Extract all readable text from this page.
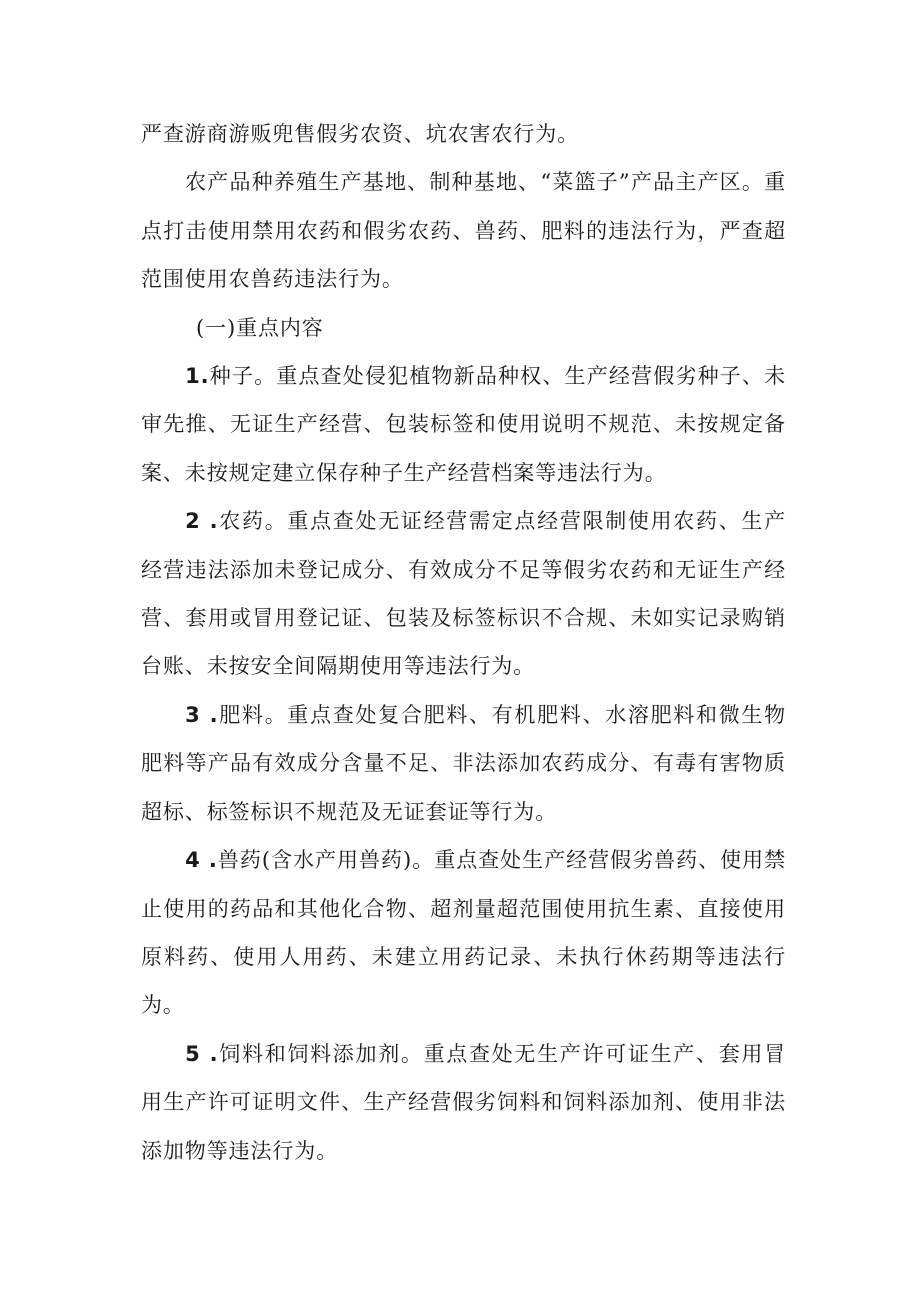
严查游商游贩兜售假劣农资、坑农害农行为。

农产品种养殖生产基地、制种基地、“菜篮子”产品主产区。重点打击使用禁用农药和假劣农药、兽药、肥料的违法行为，严查超范围使用农兽药违法行为。

(一)重点内容

1.种子。重点查处侵犯植物新品种权、生产经营假劣种子、未审先推、无证生产经营、包装标签和使用说明不规范、未按规定备案、未按规定建立保存种子生产经营档案等违法行为。

2 .农药。重点查处无证经营需定点经营限制使用农药、生产经营违法添加未登记成分、有效成分不足等假劣农药和无证生产经营、套用或冒用登记证、包装及标签标识不合规、未如实记录购销台账、未按安全间隔期使用等违法行为。

3 .肥料。重点查处复合肥料、有机肥料、水溶肥料和微生物肥料等产品有效成分含量不足、非法添加农药成分、有毒有害物质超标、标签标识不规范及无证套证等行为。

4 .兽药(含水产用兽药)。重点查处生产经营假劣兽药、使用禁止使用的药品和其他化合物、超剂量超范围使用抗生素、直接使用原料药、使用人用药、未建立用药记录、未执行休药期等违法行为。

5 .饲料和饲料添加剂。重点查处无生产许可证生产、套用冒用生产许可证明文件、生产经营假劣饲料和饲料添加剂、使用非法添加物等违法行为。
